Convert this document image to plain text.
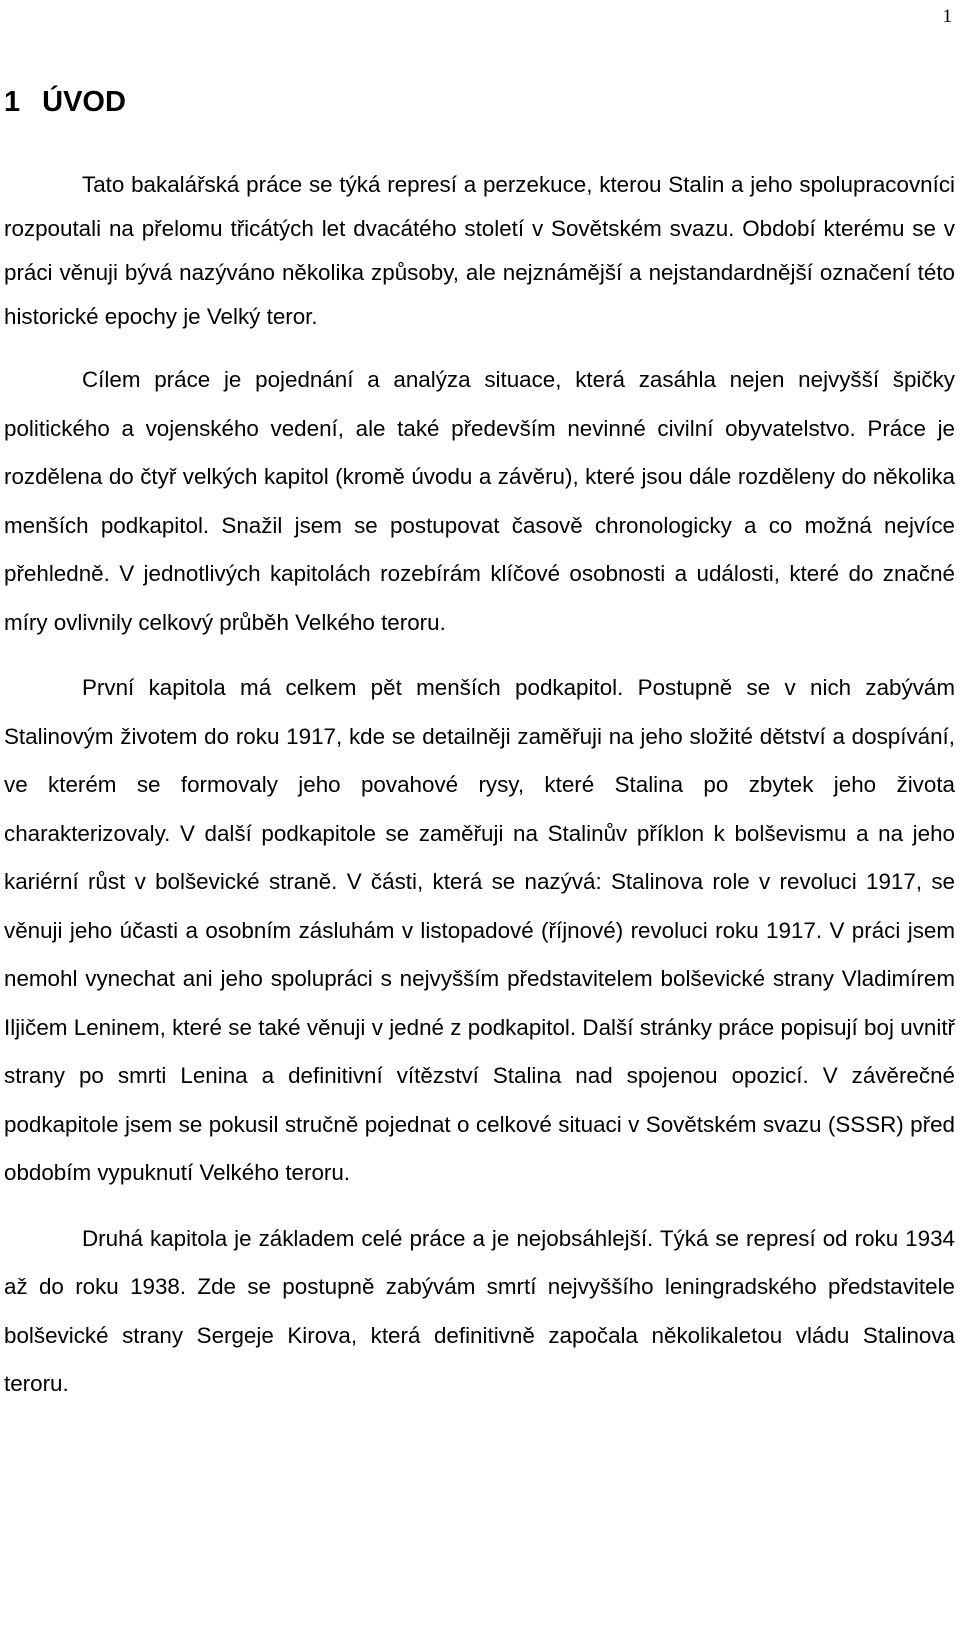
1
1 ÚVOD

Tato bakalářská práce se týká represí a perzekuce, kterou Stalin a jeho spolupracovníci rozpoutali na přelomu třicátých let dvacátého století v Sovětském svazu. Období kterému se v práci věnuji bývá nazýváno několika způsoby, ale nejznámější a nejstandardnější označení této historické epochy je Velký teror.

Cílem práce je pojednání a analýza situace, která zasáhla nejen nejvyšší špičky politického a vojenského vedení, ale také především nevinné civilní obyvatelstvo. Práce je rozdělena do čtyř velkých kapitol (kromě úvodu a závěru), které jsou dále rozděleny do několika menších podkapitol. Snažil jsem se postupovat časově chronologicky a co možná nejvíce přehledně. V jednotlivých kapitolách rozebírám klíčové osobnosti a události, které do značné míry ovlivnily celkový průběh Velkého teroru.

První kapitola má celkem pět menších podkapitol. Postupně se v nich zabývám Stalinovým životem do roku 1917, kde se detailněji zaměřuji na jeho složité dětství a dospívání, ve kterém se formovaly jeho povahové rysy, které Stalina po zbytek jeho života charakterizovaly. V další podkapitole se zaměřuji na Stalinův příklon k bolševismu a na jeho kariérní růst v bolševické straně. V části, která se nazývá: Stalinova role v revoluci 1917, se věnuji jeho účasti a osobním zásluhám v listopadové (říjnové) revoluci roku 1917. V práci jsem nemohl vynechat ani jeho spolupráci s nejvyšším představitelem bolševické strany Vladimírem Iljičem Leninem, které se také věnuji v jedné z podkapitol. Další stránky práce popisují boj uvnitř strany po smrti Lenina a definitivní vítězství Stalina nad spojenou opozicí. V závěrečné podkapitole jsem se pokusil stručně pojednat o celkové situaci v Sovětském svazu (SSSR) před obdobím vypuknutí Velkého teroru.

Druhá kapitola je základem celé práce a je nejobsáhlejší. Týká se represí od roku 1934 až do roku 1938. Zde se postupně zabývám smrtí nejvyššího leningradského představitele bolševické strany Sergeje Kirova, která definitivně započala několikaletou vládu Stalinova teroru.
